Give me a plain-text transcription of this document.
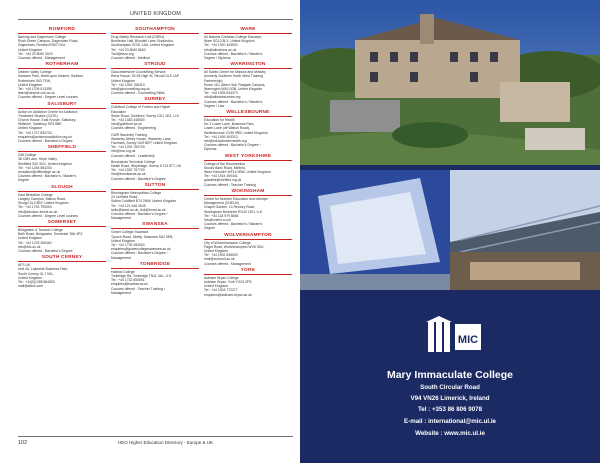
UNITED KINGDOM
ROMFORD
Barking and Dagenham College
Rush Green Campus, Dagenham Road,
Dagenham, Romford RM7 0XU,
United Kingdom
Tel : +44 20 8090 3020
Courses offered : Management
ROTHERHAM
Dearne Valley College
Manvers Park, Wath upon Dearne, Swinton,
Rotherham S63 7EW,
United Kingdom
Tel : +44 1709 513355
learn@dearne-coll.ac.uk
Courses offered : Degree Level courses
SALISBURY
Action on Addiction Centre for Addiction
Treatment Studies (CATS)
Church House, East Knoyle, Salisbury,
Wiltshire, Salisbury SP3 6BE
United Kingdom
Tel : +44 1747 830733
enquiries@actiononaddiction.org.uk
Courses offered : Bachelor's Degree
SHEFFIELD
Cliff College
38 Cliff Lane, Hope Valley,
Sheffield S32 3XG, United Kingdom
Tel : +44 1246 584200
reception@cliffcollege.ac.uk
Courses offered : Bachelor's / Master's
Degree
SLOUGH
East Berkshire College
Langley Campus, Station Road,
Slough SL3 8BY, United Kingdom
Tel : +44 1753 793000
info@windsor-forest.ac.uk
Courses offered : Degree Level courses
SOMERSET
Bridgwater & Taunton College
Bath Road, Bridgwater, Somerset TA6 4PZ
United Kingdom
Tel : +44 1278 455464
info@btc.ac.uk
Courses offered : Bachelor's Degree
SOUTH CERNEY
AFS UK
Unit 4A, Lakeside Business Park,
South Cerney GL7 5XL,
United Kingdom
Tel : +44(0)1285 864550
mail@afsuk.com
SOUTHAMPTON
Drug Safety Research Unit (DSRU)
Bursledon Hall, Blundell Lane, Bursledon,
Southampton SO31 1AA, United Kingdom
Tel : +44 23 8040 8600
Tcoll@dsru.org
Courses offered : Medical
STROUD
Gloucestershire Counselling Service
Rena House, 52-53 High St, Stroud GL5 1AP
United Kingdom
Tel : +44 1453 766310
info@glcounselling.org.uk
Courses offered : Counselling Skills
SURREY
Guildford College of Further and Higher
Education
Stoke Road, Guildford, Surrey GU1 1EZ, U.K.
Tel : +44 1483 448500
info@guildford.ac.uk
Courses offered : Engineering
CWR Waverley Training
Waverley Abbey House, Waverley Lane,
Farnham, Surrey GU9 8EP, United Kingdom
Tel : +44 1252 784700
info@cwr.org.uk
Courses offered : Leadership
Brooklands Technical College
Heath Road, Weybridge, Surrey KT13 8TT, UK
Tel : +44 1932 797700
info@brooklands.ac.uk
Courses offered : Bachelor's Degree
SUTTON
Birmingham Metropolitan College
24 Lichfield Road,
Sutton Coldfield B74 2NW, United Kingdom
Tel : +44 121 446 4545
hello@bmet.ac.uk, #uk@bmet.ac.uk
Courses offered : Bachelor's Degree /
Management
SWANSEA
Gower College Swansea
Tycoch Road, Sketty, Swansea SA2 9EB,
United Kingdom
Tel : +44 1792 284000
enquiries@gowercollegeswansea.ac.uk
Courses offered : Bachelor's Degree /
Management
TONBRIDGE
Hadlow College
Tonbridge Rd, Tonbridge TN11 0AL, U.K.
Tel : +44 1732 850551
enquiries@hadlow.ac.uk
Courses offered : Teacher Training /
Management
WARE
All Nations Christian College Easneye,
Ware SG12 8LX, United Kingdom
Tel : +44 1920 443500
info@allnations.ac.uk
Courses offered : Bachelor's / Master's
Degree / Diploma
WARRINGTON
All Saints Centre for Mission and Ministry
(formerly Southern North West Training
Partnership)
Room 110, Aiken Hall, Padgate Campus,
Warrington WA2 0DB, United Kingdom
Tel : +44 1925 534373
info@allsaintscentre.org
Courses offered : Bachelor's / Master's
Degree / Law
WELLESBOURNE
Education for Health
No 1 Lower Lane, Business Park,
Lower Lane (off Walton Road),
Wellesbourne CV35 9RB, United Kingdom
Tel : +44 1926 493313
info@educationforhealth.org
Courses offered : Bachelor's Degree /
Diploma
WEST YORKSHIRE
College of the Resurrection
Stocks Bank Road, Mirfield,
West Yorkshire WF14 0BW, United Kingdom
Tel : +44 1924 490441
gdaniels@mirfield.org.uk
Courses offered : Teacher Training
WOKINGHAM
Centre for Number Education and Lifestyle
Management (CNELM)
Chapel Garden, 14 Rectory Road,
Wokingham Berkshire RG40 1DH, U.K.
Tel : +44 118 979 8666
info@cnelm.co.uk
Courses offered : Bachelor's / Master's
Degree
WOLVERHAMPTON
City of Wolverhampton College
Paget Road, Wolverhampton WV6 0DU,
United Kingdom
Tel : +44 1902 836000
mail@wolvcoll.ac.uk
Courses offered : Management
YORK
Askham Bryan College
Askham Bryan, York YO23 3FR,
United Kingdom
Tel : +44 1904 772277
enquiries@askham-bryan.ac.uk
102	HEO Higher Education Directory - Europe & UK
MIC
Mary Immaculate College
South Circular Road
V94 VN26 Limerick, Ireland
Tel : +353 86 806 9078
E-mail : international@mic.ul.ie
Website : www.mic.ul.ie
